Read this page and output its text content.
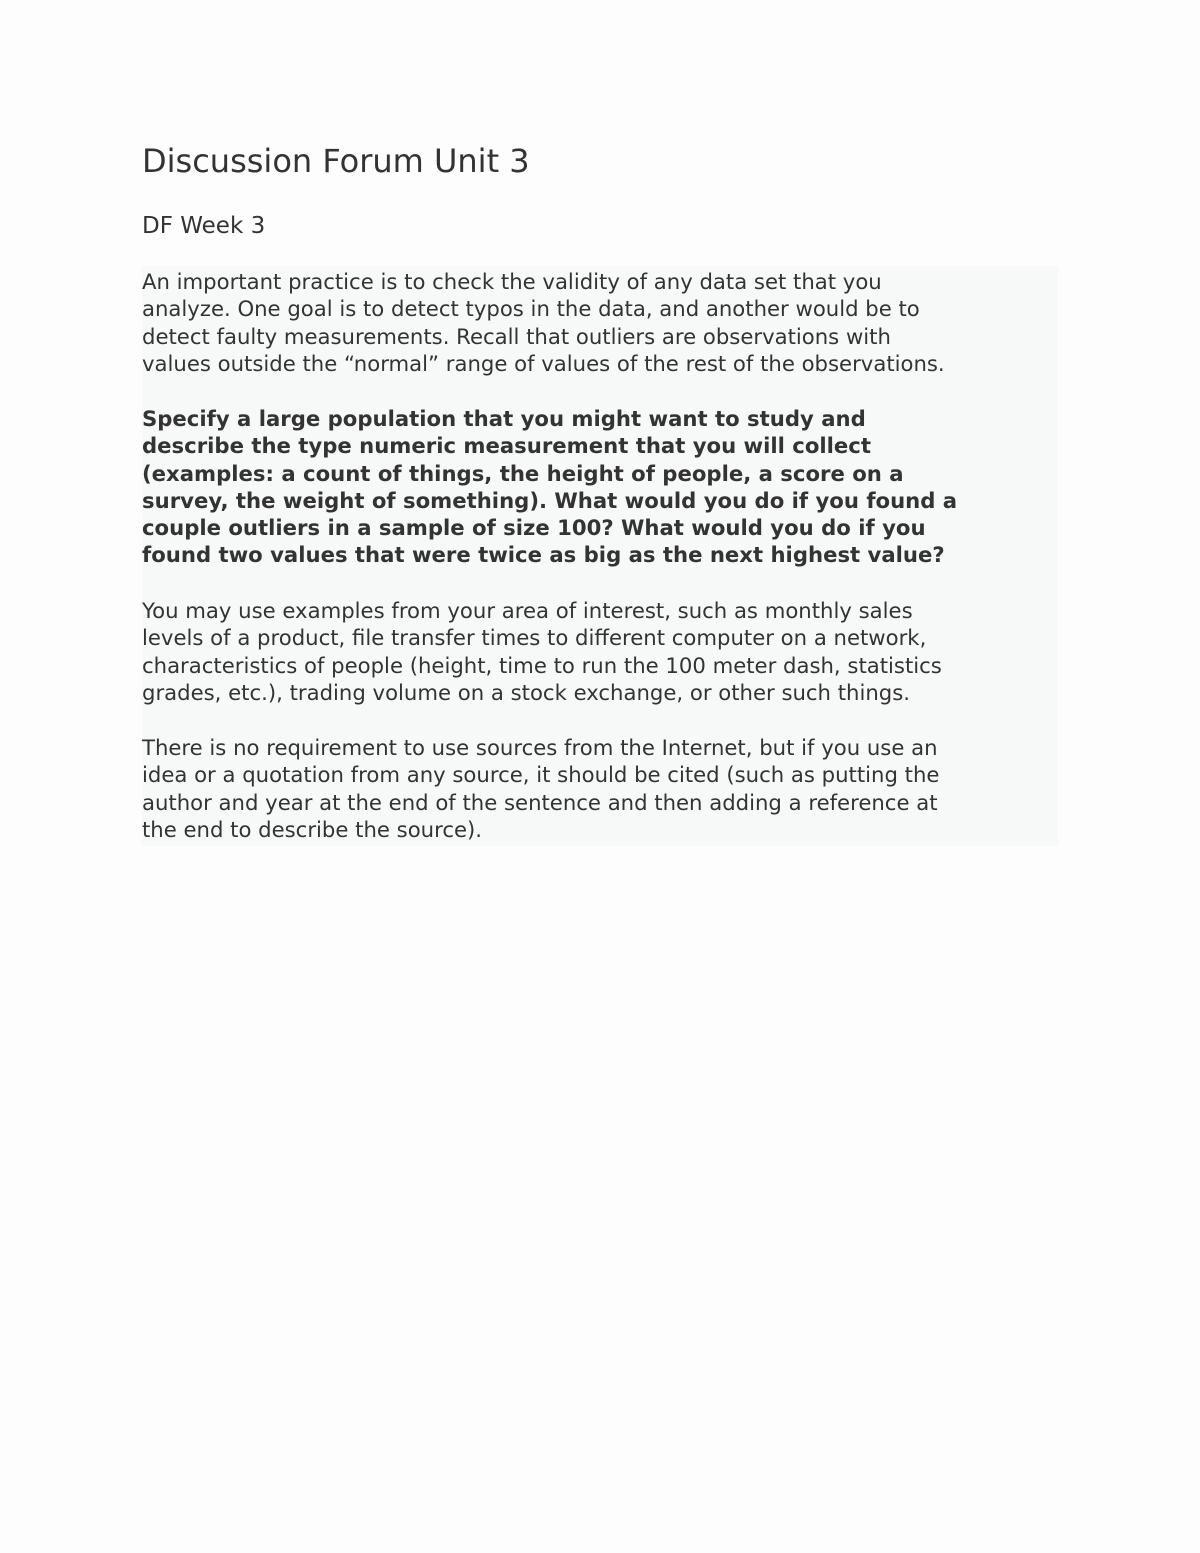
Discussion Forum Unit 3
DF Week 3

An important practice is to check the validity of any data set that you
analyze. One goal is to detect typos in the data, and another would be to
detect faulty measurements. Recall that outliers are observations with
values outside the “normal” range of values of the rest of the observations.

Specify a large population that you might want to study and
describe the type numeric measurement that you will collect
(examples: a count of things, the height of people, a score on a
survey, the weight of something). What would you do if you found a
couple outliers in a sample of size 100? What would you do if you
found two values that were twice as big as the next highest value?

You may use examples from your area of interest, such as monthly sales
levels of a product, file transfer times to different computer on a network,
characteristics of people (height, time to run the 100 meter dash, statistics
grades, etc.), trading volume on a stock exchange, or other such things.

There is no requirement to use sources from the Internet, but if you use an
idea or a quotation from any source, it should be cited (such as putting the
author and year at the end of the sentence and then adding a reference at
the end to describe the source).
